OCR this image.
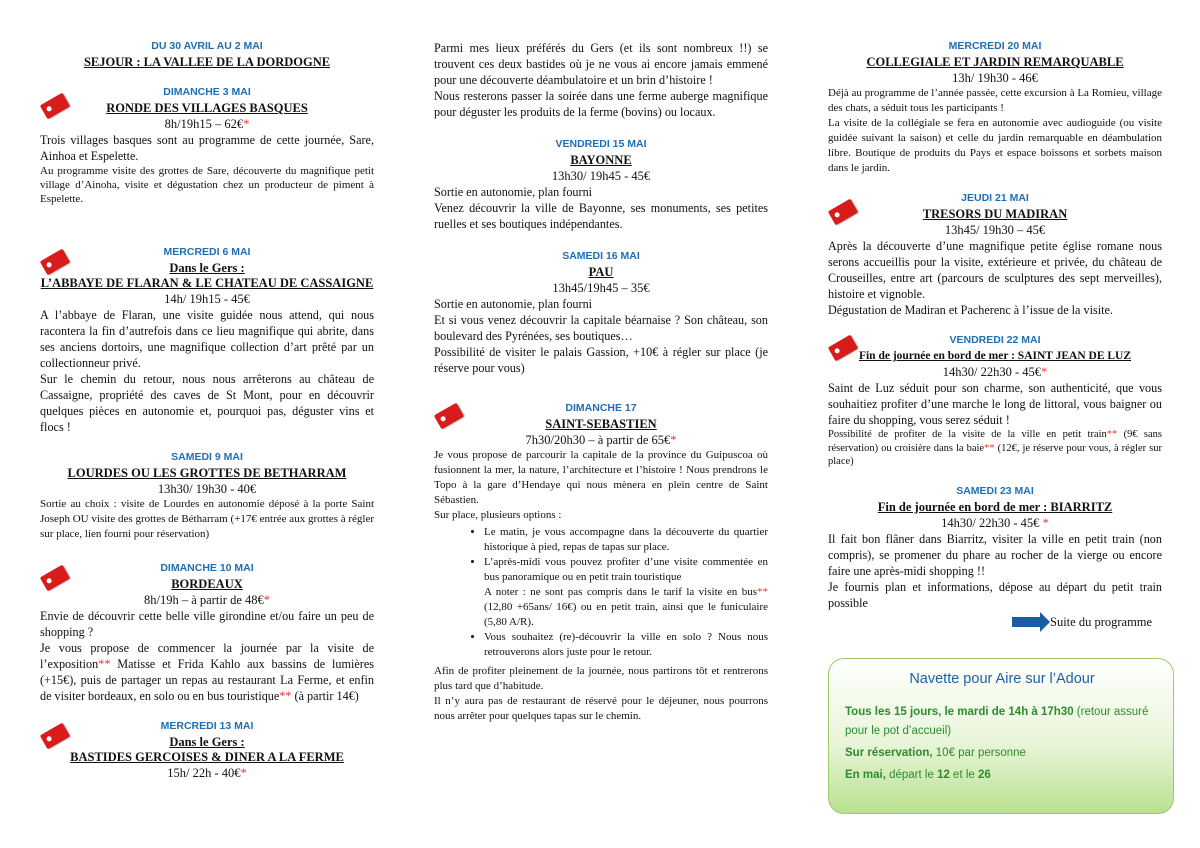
DU 30 AVRIL AU 2 MAI
SEJOUR : LA VALLEE DE LA DORDOGNE
DIMANCHE 3 MAI
RONDE DES VILLAGES BASQUES
8h/19h15 – 62€*

Trois villages basques sont au programme de cette journée, Sare, Ainhoa et Espelette.

Au programme visite des grottes de Sare, découverte du magnifique petit village d’Ainoha, visite et dégustation chez un producteur de piment à Espelette.

MERCREDI 6 MAI
Dans le Gers :
L’ABBAYE DE FLARAN & LE CHATEAU DE CASSAIGNE
14h/ 19h15 - 45€

A l’abbaye de Flaran, une visite guidée nous attend, qui nous racontera la fin d’autrefois dans ce lieu magnifique qui abrite, dans ses anciens dortoirs, une magnifique collection d’art prêté par un collectionneur privé.

Sur le chemin du retour, nous nous arrêterons au château de Cassaigne, propriété des caves de St Mont, pour en découvrir quelques pièces en autonomie et, pourquoi pas, déguster vins et flocs !

SAMEDI 9 MAI
LOURDES OU LES GROTTES DE BETHARRAM
13h30/ 19h30 - 40€

Sortie au choix : visite de Lourdes en autonomie déposé à la porte Saint Joseph OU visite des grottes de Bétharram (+17€ entrée aux grottes à régler sur place, lien fourni pour réservation)

DIMANCHE 10 MAI
BORDEAUX
8h/19h – à partir de 48€*

Envie de découvrir cette belle ville girondine et/ou faire un peu de shopping ?

Je vous propose de commencer la journée par la visite de l’exposition** Matisse et Frida Kahlo aux bassins de lumières (+15€), puis de partager un repas au restaurant La Ferme, et enfin de visiter bordeaux, en solo ou en bus touristique** (à partir 14€)

MERCREDI 13 MAI
Dans le Gers :
BASTIDES GERCOISES & DINER A LA FERME
15h/ 22h - 40€*

Parmi mes lieux préférés du Gers (et ils sont nombreux !!) se trouvent ces deux bastides où je ne vous ai encore jamais emmené pour une découverte déambulatoire et un brin d’histoire !

Nous resterons passer la soirée dans une ferme auberge magnifique pour déguster les produits de la ferme (bovins) ou locaux.

VENDREDI 15 MAI
BAYONNE
13h30/ 19h45 - 45€

Sortie en autonomie, plan fourni

Venez découvrir la ville de Bayonne, ses monuments, ses petites ruelles et ses boutiques indépendantes.

SAMEDI 16 MAI
PAU
13h45/19h45 – 35€

Sortie en autonomie, plan fourni

Et si vous venez découvrir la capitale béarnaise ? Son château, son boulevard des Pyrénées, ses boutiques…

Possibilité de visiter le palais Gassion, +10€ à régler sur place (je réserve pour vous)

DIMANCHE 17
SAINT-SEBASTIEN
7h30/20h30 – à partir de 65€*

Je vous propose de parcourir la capitale de la province du Guipuscoa où fusionnent la mer, la nature, l’architecture et l’histoire ! Nous prendrons le Topo à la gare d’Hendaye qui nous mènera en plein centre de Saint Sébastien.

Sur place, plusieurs options :

• Le matin, je vous accompagne dans la découverte du quartier historique à pied, repas de tapas sur place.
• L’après-midi vous pouvez profiter d’une visite commentée en bus panoramique ou en petit train touristique
A noter : ne sont pas compris dans le tarif la visite en bus** (12,80 +65ans/ 16€) ou en petit train, ainsi que le funiculaire (5,80 A/R).
• Vous souhaitez (re)-découvrir la ville en solo ? Nous nous retrouverons alors juste pour le retour.

Afin de profiter pleinement de la journée, nous partirons tôt et rentrerons plus tard que d’habitude.

Il n’y aura pas de restaurant de réservé pour le déjeuner, nous pourrons nous arrêter pour quelques tapas sur le chemin.

MERCREDI 20 MAI
COLLEGIALE ET JARDIN REMARQUABLE
13h/ 19h30 - 46€

Déjà au programme de l’année passée, cette excursion à La Romieu, village des chats, a séduit tous les participants !

La visite de la collégiale se fera en autonomie avec audioguide (ou visite guidée suivant la saison) et celle du jardin remarquable en déambulation libre. Boutique de produits du Pays et espace boissons et sorbets maison dans le jardin.

JEUDI 21 MAI
TRESORS DU MADIRAN
13h45/ 19h30 – 45€

Après la découverte d’une magnifique petite église romane nous serons accueillis pour la visite, extérieure et privée, du château de Crouseilles, entre art (parcours de sculptures des sept merveilles), histoire et vignoble.

Dégustation de Madiran et Pacherenc à l’issue de la visite.

VENDREDI 22 MAI
Fin de journée en bord de mer : SAINT JEAN DE LUZ
14h30/ 22h30 - 45€*

Saint de Luz séduit pour son charme, son authenticité, que vous souhaitiez profiter d’une marche le long de littoral, vous baigner ou faire du shopping, vous serez séduit !

Possibilité de profiter de la visite de la ville en petit train** (9€ sans réservation) ou croisière dans la baie** (12€, je réserve pour vous, à régler sur place)

SAMEDI 23 MAI
Fin de journée en bord de mer : BIARRITZ
14h30/ 22h30 - 45€ *

Il fait bon flâner dans Biarritz, visiter la ville en petit train (non compris), se promener du phare au rocher de la vierge ou encore faire une après-midi shopping !!

Je fournis plan et informations, dépose au départ du petit train possible

Suite du programme
Navette pour Aire sur l’Adour
Tous les 15 jours, le mardi de 14h à 17h30 (retour assuré pour le pot d’accueil)
Sur réservation, 10€ par personne
En mai, départ le 12 et le 26
